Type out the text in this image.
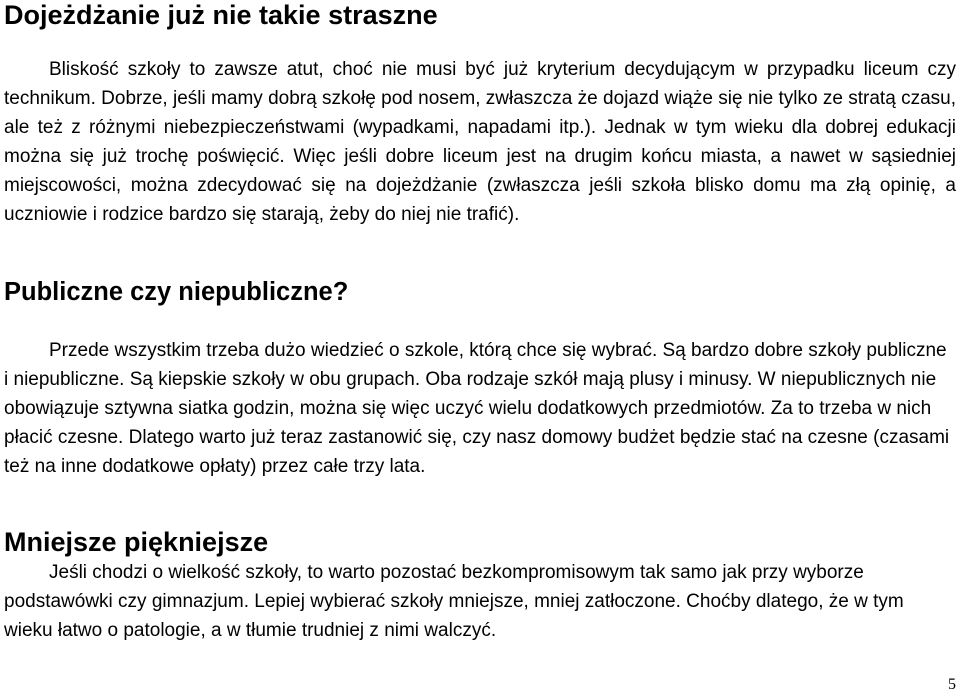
Dojeżdżanie już nie takie straszne

Bliskość szkoły to zawsze atut, choć nie musi być już kryterium decydującym w przypadku liceum czy technikum. Dobrze, jeśli mamy dobrą szkołę pod nosem, zwłaszcza że dojazd wiąże się nie tylko ze stratą czasu, ale też z różnymi niebezpieczeństwami (wypadkami, napadami itp.). Jednak w tym wieku dla dobrej edukacji można się już trochę poświęcić. Więc jeśli dobre liceum jest na drugim końcu miasta, a nawet w sąsiedniej miejscowości, można zdecydować się na dojeżdżanie (zwłaszcza jeśli szkoła blisko domu ma złą opinię, a uczniowie i rodzice bardzo się starają, żeby do niej nie trafić).

Publiczne czy niepubliczne?

Przede wszystkim trzeba dużo wiedzieć o szkole, którą chce się wybrać. Są bardzo dobre szkoły publiczne i niepubliczne. Są kiepskie szkoły w obu grupach. Oba rodzaje szkół mają plusy i minusy. W niepublicznych nie obowiązuje sztywna siatka godzin, można się więc uczyć wielu dodatkowych przedmiotów. Za to trzeba w nich płacić czesne. Dlatego warto już teraz zastanowić się, czy nasz domowy budżet będzie stać na czesne (czasami też na inne dodatkowe opłaty) przez całe trzy lata.

Mniejsze piękniejsze

Jeśli chodzi o wielkość szkoły, to warto pozostać bezkompromisowym tak samo jak przy wyborze podstawówki czy gimnazjum. Lepiej wybierać szkoły mniejsze, mniej zatłoczone. Choćby dlatego, że w tym wieku łatwo o patologie, a w tłumie trudniej z nimi walczyć.

5
